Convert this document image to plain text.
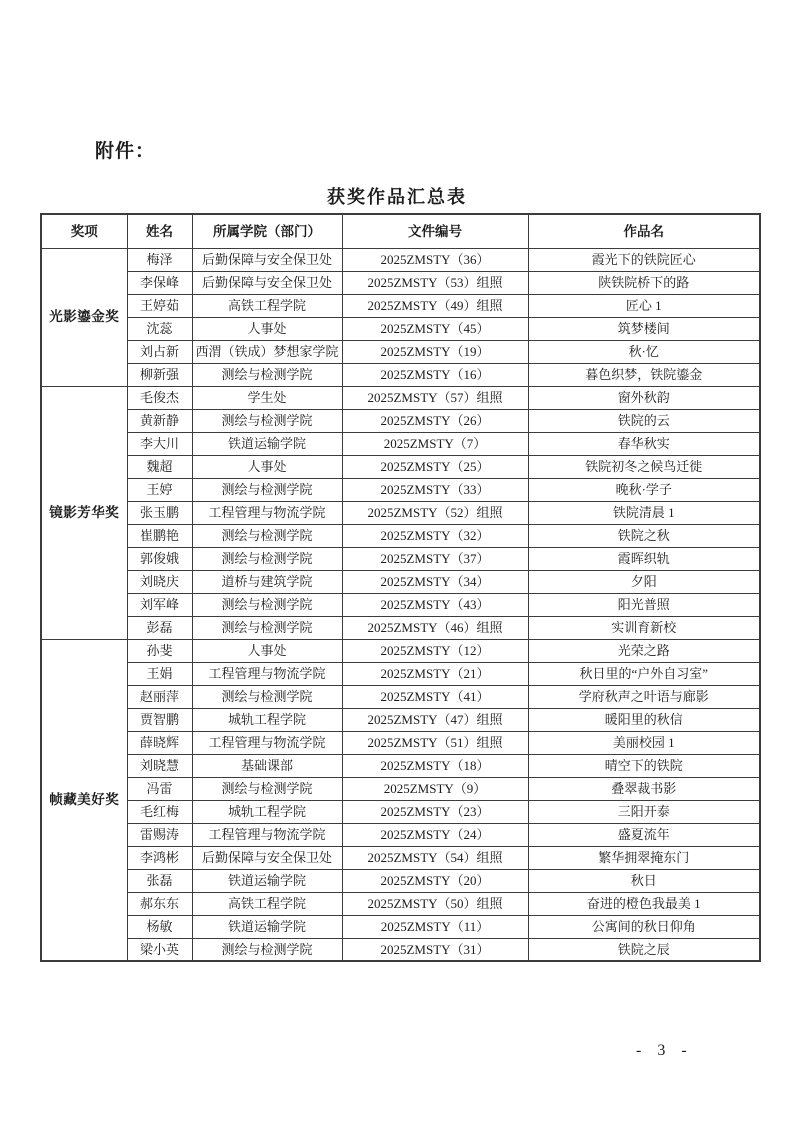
附件：
获奖作品汇总表
奖项	姓名	所属学院（部门）	文件编号	作品名
光影鎏金奖	梅泽	后勤保障与安全保卫处	2025ZMSTY（36）	霞光下的铁院匠心
	李保峰	后勤保障与安全保卫处	2025ZMSTY（53）组照	陕铁院桥下的路
	王婷茹	高铁工程学院	2025ZMSTY（49）组照	匠心 1
	沈蕊	人事处	2025ZMSTY（45）	筑梦楼间
	刘占新	西渭（铁成）梦想家学院	2025ZMSTY（19）	秋·忆
	柳新强	测绘与检测学院	2025ZMSTY（16）	暮色织梦，铁院鎏金
镜影芳华奖	毛俊杰	学生处	2025ZMSTY（57）组照	窗外秋韵
	黄新静	测绘与检测学院	2025ZMSTY（26）	铁院的云
	李大川	铁道运输学院	2025ZMSTY（7）	春华秋实
	魏超	人事处	2025ZMSTY（25）	铁院初冬之候鸟迁徙
	王婷	测绘与检测学院	2025ZMSTY（33）	晚秋·学子
	张玉鹏	工程管理与物流学院	2025ZMSTY（52）组照	铁院清晨 1
	崔鹏艳	测绘与检测学院	2025ZMSTY（32）	铁院之秋
	郭俊娥	测绘与检测学院	2025ZMSTY（37）	霞晖织轨
	刘晓庆	道桥与建筑学院	2025ZMSTY（34）	夕阳
	刘军峰	测绘与检测学院	2025ZMSTY（43）	阳光普照
	彭磊	测绘与检测学院	2025ZMSTY（46）组照	实训育新校
帧藏美好奖	孙斐	人事处	2025ZMSTY（12）	光荣之路
	王娟	工程管理与物流学院	2025ZMSTY（21）	秋日里的“户外自习室”
	赵丽萍	测绘与检测学院	2025ZMSTY（41）	学府秋声之叶语与廊影
	贾智鹏	城轨工程学院	2025ZMSTY（47）组照	暖阳里的秋信
	薛晓辉	工程管理与物流学院	2025ZMSTY（51）组照	美丽校园 1
	刘晓慧	基础课部	2025ZMSTY（18）	晴空下的铁院
	冯雷	测绘与检测学院	2025ZMSTY（9）	叠翠裁书影
	毛红梅	城轨工程学院	2025ZMSTY（23）	三阳开泰
	雷赐涛	工程管理与物流学院	2025ZMSTY（24）	盛夏流年
	李鸿彬	后勤保障与安全保卫处	2025ZMSTY（54）组照	繁华拥翠掩东门
	张磊	铁道运输学院	2025ZMSTY（20）	秋日
	郝东东	高铁工程学院	2025ZMSTY（50）组照	奋进的橙色我最美 1
	杨敏	铁道运输学院	2025ZMSTY（11）	公寓间的秋日仰角
	梁小英	测绘与检测学院	2025ZMSTY（31）	铁院之辰
- 3 -
